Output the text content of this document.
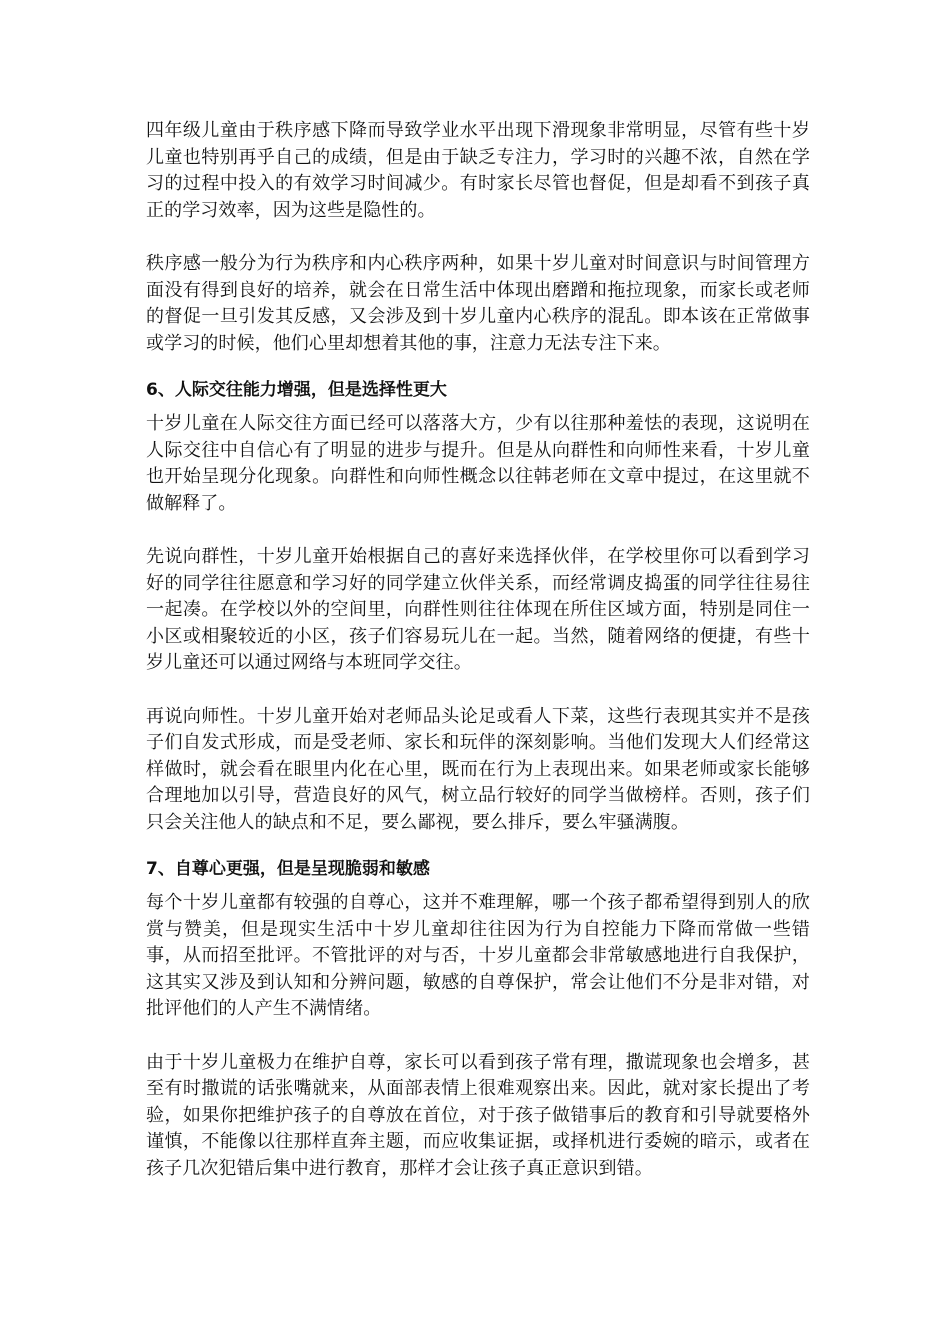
四年级儿童由于秩序感下降而导致学业水平出现下滑现象非常明显，尽管有些十岁儿童也特别再乎自己的成绩，但是由于缺乏专注力，学习时的兴趣不浓，自然在学习的过程中投入的有效学习时间减少。有时家长尽管也督促，但是却看不到孩子真正的学习效率，因为这些是隐性的。

秩序感一般分为行为秩序和内心秩序两种，如果十岁儿童对时间意识与时间管理方面没有得到良好的培养，就会在日常生活中体现出磨蹭和拖拉现象，而家长或老师的督促一旦引发其反感，又会涉及到十岁儿童内心秩序的混乱。即本该在正常做事或学习的时候，他们心里却想着其他的事，注意力无法专注下来。

6、人际交往能力增强，但是选择性更大

十岁儿童在人际交往方面已经可以落落大方，少有以往那种羞怯的表现，这说明在人际交往中自信心有了明显的进步与提升。但是从向群性和向师性来看，十岁儿童也开始呈现分化现象。向群性和向师性概念以往韩老师在文章中提过，在这里就不做解释了。

先说向群性，十岁儿童开始根据自己的喜好来选择伙伴，在学校里你可以看到学习好的同学往往愿意和学习好的同学建立伙伴关系，而经常调皮捣蛋的同学往往易往一起凑。在学校以外的空间里，向群性则往往体现在所住区域方面，特别是同住一小区或相聚较近的小区，孩子们容易玩儿在一起。当然，随着网络的便捷，有些十岁儿童还可以通过网络与本班同学交往。

再说向师性。十岁儿童开始对老师品头论足或看人下菜，这些行表现其实并不是孩子们自发式形成，而是受老师、家长和玩伴的深刻影响。当他们发现大人们经常这样做时，就会看在眼里内化在心里，既而在行为上表现出来。如果老师或家长能够合理地加以引导，营造良好的风气，树立品行较好的同学当做榜样。否则，孩子们只会关注他人的缺点和不足，要么鄙视，要么排斥，要么牢骚满腹。

7、自尊心更强，但是呈现脆弱和敏感

每个十岁儿童都有较强的自尊心，这并不难理解，哪一个孩子都希望得到别人的欣赏与赞美，但是现实生活中十岁儿童却往往因为行为自控能力下降而常做一些错事，从而招至批评。不管批评的对与否，十岁儿童都会非常敏感地进行自我保护，这其实又涉及到认知和分辨问题，敏感的自尊保护，常会让他们不分是非对错，对批评他们的人产生不满情绪。

由于十岁儿童极力在维护自尊，家长可以看到孩子常有理，撒谎现象也会增多，甚至有时撒谎的话张嘴就来，从面部表情上很难观察出来。因此，就对家长提出了考验，如果你把维护孩子的自尊放在首位，对于孩子做错事后的教育和引导就要格外谨慎，不能像以往那样直奔主题，而应收集证据，或择机进行委婉的暗示，或者在孩子几次犯错后集中进行教育，那样才会让孩子真正意识到错。
